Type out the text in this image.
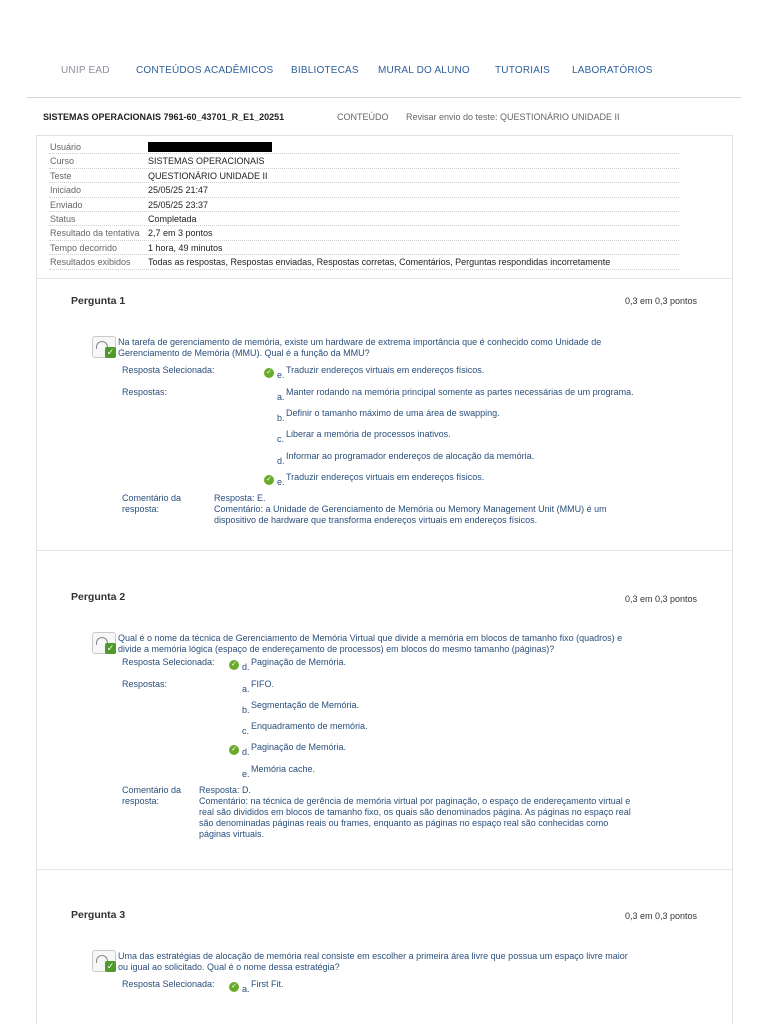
UNIP EAD	CONTEÚDOS ACADÊMICOS BIBLIOTECAS MURAL DO ALUNO	TUTORIAIS LABORATÓRIOS
SISTEMAS OPERACIONAIS 7961-60_43701_R_E1_20251	CONTEÚDO Revisar envio do teste: QUESTIONÁRIO UNIDADE II
Usuário
Curso	SISTEMAS OPERACIONAIS
Teste	QUESTIONÁRIO UNIDADE II
Iniciado	25/05/25 21:47
Enviado	25/05/25 23:37
Status	Completada
Resultado da tentativa 2,7 em 3 pontos
Tempo decorrido	1 hora, 49 minutos
Resultados exibidos Todas as respostas, Respostas enviadas, Respostas corretas, Comentários, Perguntas respondidas incorretamente
Pergunta 1	0,3 em 0,3 pontos
✓
Na tarefa de gerenciamento de memória, existe um hardware de extrema importância que é conhecido como Unidade de
Gerenciamento de Memória (MMU). Qual é a função da MMU?
Resposta Selecionada:	✓ e. Traduzir endereços virtuais em endereços físicos.
Respostas:	a. Manter rodando na memória principal somente as partes necessárias de um programa.
b. Definir o tamanho máximo de uma área de swapping.
c. Liberar a memória de processos inativos.
d. Informar ao programador endereços de alocação da memória.
✓ e. Traduzir endereços virtuais em endereços físicos.
Comentário da
resposta:
Resposta: E.
Comentário: a Unidade de Gerenciamento de Memória ou Memory Management Unit (MMU) é um
dispositivo de hardware que transforma endereços virtuais em endereços físicos.
Pergunta 2	0,3 em 0,3 pontos
✓
Qual é o nome da técnica de Gerenciamento de Memória Virtual que divide a memória em blocos de tamanho fixo (quadros) e
divide a memória lógica (espaço de endereçamento de processos) em blocos do mesmo tamanho (páginas)?
Resposta Selecionada: ✓ d. Paginação de Memória.
Respostas:	a. FIFO.
b. Segmentação de Memória.
c. Enquadramento de memória.
✓ d. Paginação de Memória.
e. Memória cache.
Comentário da
resposta:
Resposta: D.
Comentário: na técnica de gerência de memória virtual por paginação, o espaço de endereçamento virtual e
real são divididos em blocos de tamanho fixo, os quais são denominados página. As páginas no espaço real
são denominadas páginas reais ou frames, enquanto as páginas no espaço real são conhecidas como
páginas virtuais.
Pergunta 3	0,3 em 0,3 pontos
✓
Uma das estratégias de alocação de memória real consiste em escolher a primeira área livre que possua um espaço livre maior
ou igual ao solicitado. Qual é o nome dessa estratégia?
Resposta Selecionada: ✓ a. First Fit.
